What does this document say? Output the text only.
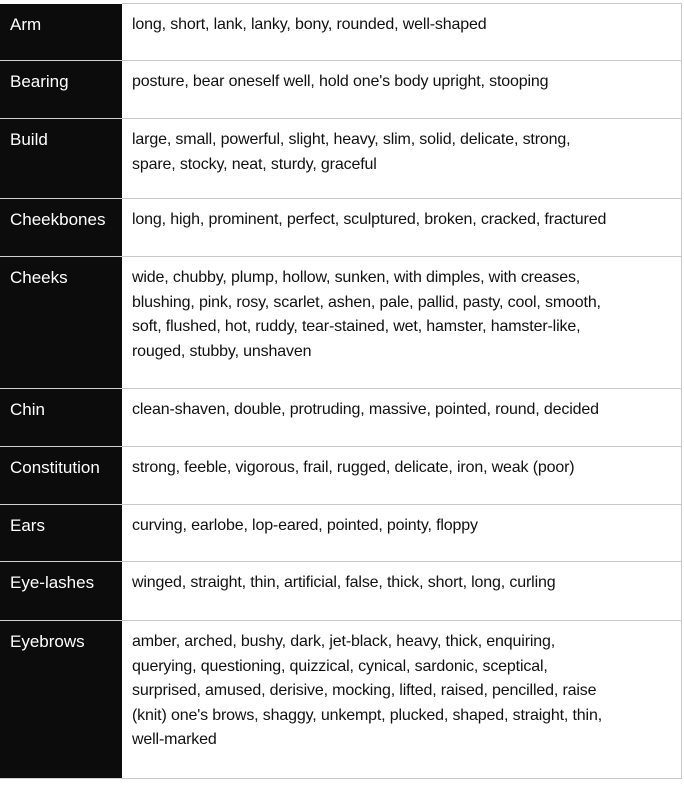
Arm	long, short, lank, lanky, bony, rounded, well-shaped

Bearing	posture, bear oneself well, hold one's body upright, stooping

Build	large, small, powerful, slight, heavy, slim, solid, delicate, strong,
spare, stocky, neat, sturdy, graceful

Cheekbones	long, high, prominent, perfect, sculptured, broken, cracked, fractured

Cheeks	wide, chubby, plump, hollow, sunken, with dimples, with creases,
blushing, pink, rosy, scarlet, ashen, pale, pallid, pasty, cool, smooth,
soft, flushed, hot, ruddy, tear-stained, wet, hamster, hamster-like,
rouged, stubby, unshaven

Chin	clean-shaven, double, protruding, massive, pointed, round, decided

Constitution	strong, feeble, vigorous, frail, rugged, delicate, iron, weak (poor)

Ears	curving, earlobe, lop-eared, pointed, pointy, floppy

Eye-lashes	winged, straight, thin, artificial, false, thick, short, long, curling

Eyebrows	amber, arched, bushy, dark, jet-black, heavy, thick, enquiring,
querying, questioning, quizzical, cynical, sardonic, sceptical,
surprised, amused, derisive, mocking, lifted, raised, pencilled, raise
(knit) one's brows, shaggy, unkempt, plucked, shaped, straight, thin,
well-marked
